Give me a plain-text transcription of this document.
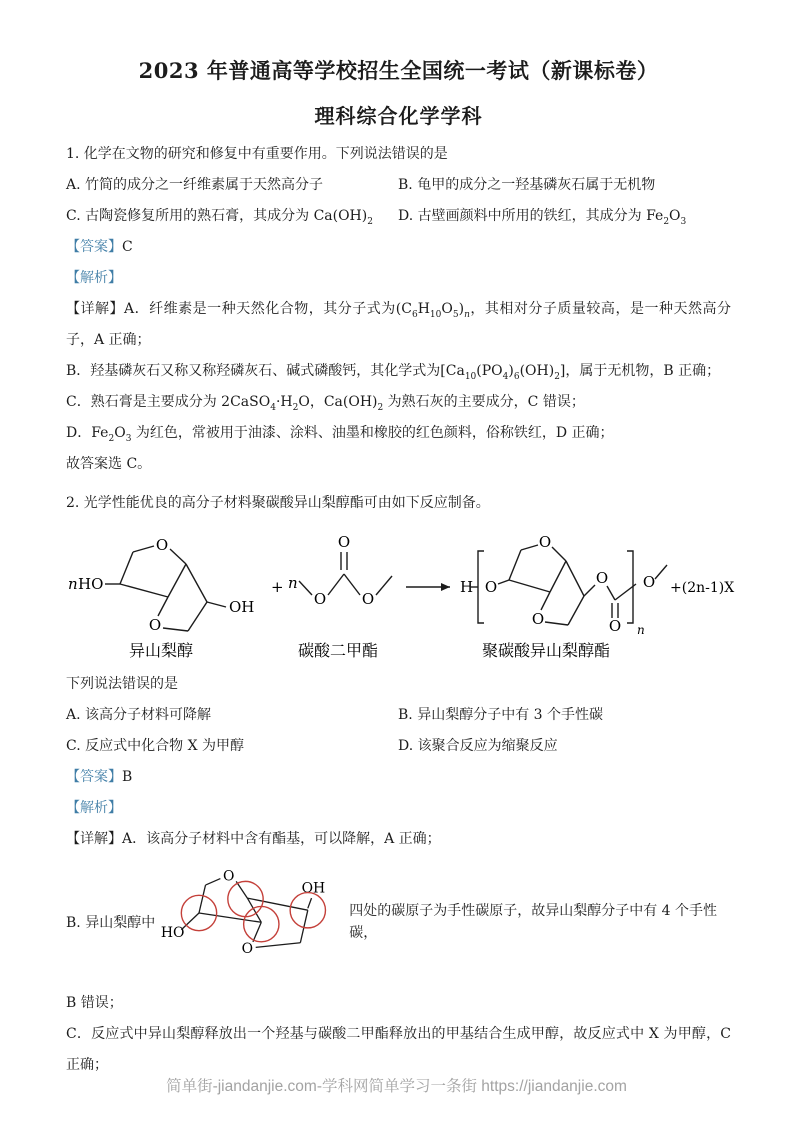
2023 年普通高等学校招生全国统一考试（新课标卷）
理科综合化学学科
1. 化学在文物的研究和修复中有重要作用。下列说法错误的是
A. 竹简的成分之一纤维素属于天然高分子	B. 龟甲的成分之一羟基磷灰石属于无机物
C. 古陶瓷修复所用的熟石膏，其成分为 $Ca(OH)_2$	D. 古壁画颜料中所用的铁红，其成分为 $Fe_2O_3$
【答案】C
【解析】
【详解】A．纤维素是一种天然化合物，其分子式为$(C_6H_{10}O_5)_n$，其相对分子质量较高，是一种天然高分子，A 正确；
B．羟基磷灰石又称又称羟磷灰石、碱式磷酸钙，其化学式为$[Ca_{10}(PO_4)_6(OH)_2]$，属于无机物，B 正确；
C．熟石膏是主要成分为 $2CaSO_4\cdot H_2O$，$Ca(OH)_2$ 为熟石灰的主要成分，C 错误；
D．$Fe_2O_3$ 为红色，常被用于油漆、涂料、油墨和橡胶的红色颜料，俗称铁红，D 正确；
故答案选 C。
2. 光学性能优良的高分子材料聚碳酸异山梨醇酯可由如下反应制备。
n HO
O
O
OH
异山梨醇
+ n
O
O
O
碳酸二甲酯
H O
O
O
O
O n
O +(2n-1)X
聚碳酸异山梨醇酯
下列说法错误的是
A. 该高分子材料可降解	B. 异山梨醇分子中有 3 个手性碳
C. 反应式中化合物 X 为甲醇	D. 该聚合反应为缩聚反应
【答案】B
【解析】
【详解】A．该高分子材料中含有酯基，可以降解，A 正确；
B. 异山梨醇中
HO
O
O
OH
四处的碳原子为手性碳原子，故异山梨醇分子中有 4 个手性碳，
B 错误；
C．反应式中异山梨醇释放出一个羟基与碳酸二甲酯释放出的甲基结合生成甲醇，故反应式中 X 为甲醇，C 正确；
简单街-jiandanjie.com-学科网简单学习一条街 https://jiandanjie.com
